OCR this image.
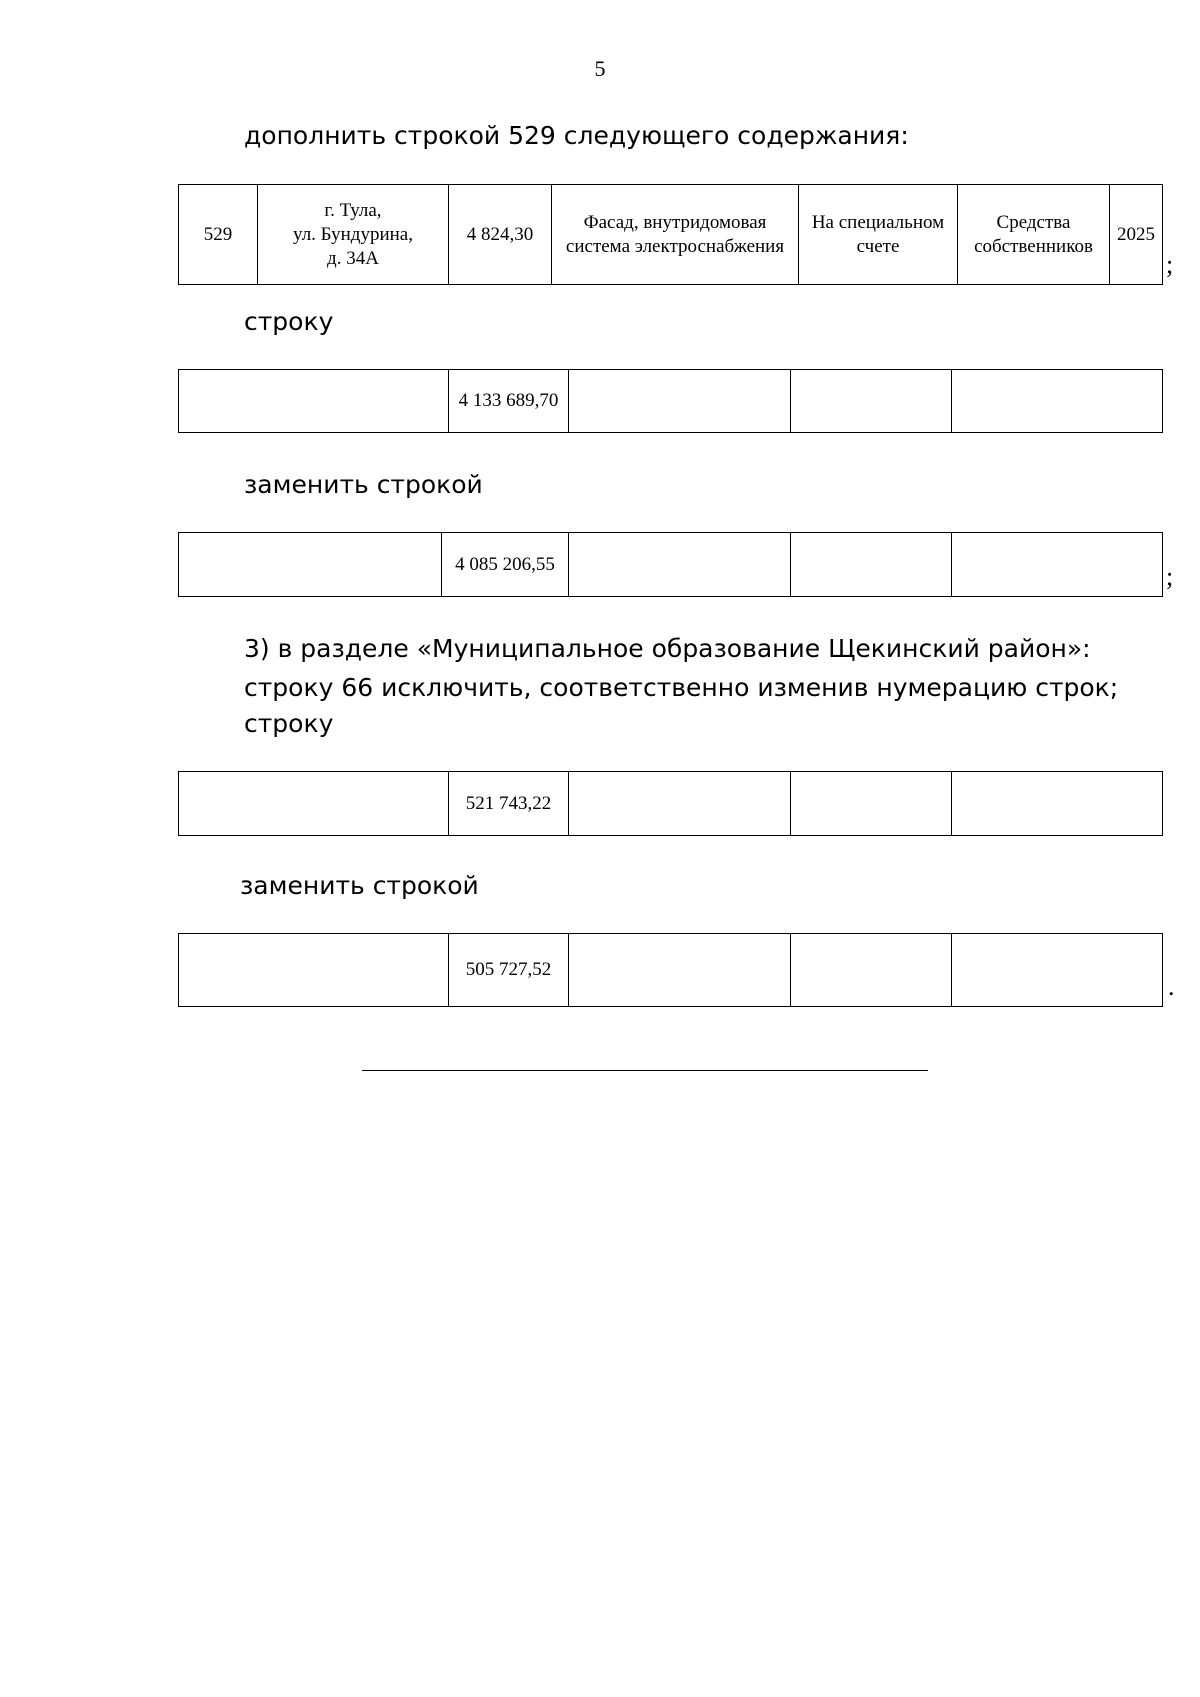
5
дополнить строкой 529 следующего содержания:
529	г. Тула,
ул. Бундурина,
д. 34А	4 824,30	Фасад, внутридомовая
система электроснабжения	На специальном
счете	Средства
собственников	2025
;
строку
	4 133 689,70			
заменить строкой
	4 085 206,55				;
3) в разделе «Муниципальное образование Щекинский район»:
строку 66 исключить, соответственно изменив нумерацию строк;
строку
	521 743,22			
заменить строкой
	505 727,52			
.
